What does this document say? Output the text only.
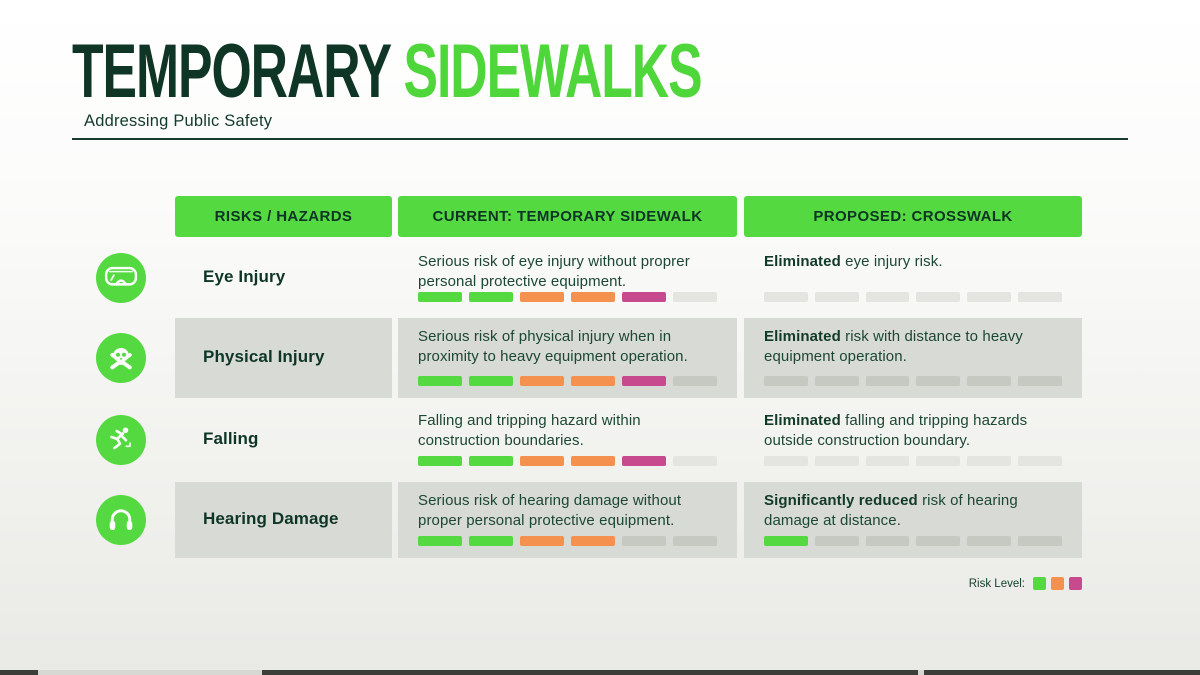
TEMPORARY SIDEWALKS
Addressing Public Safety
RISKS / HAZARDS	CURRENT: TEMPORARY SIDEWALK	PROPOSED: CROSSWALK
Eye Injury

Serious risk of eye injury without proprer personal protective equipment.

Eliminated eye injury risk.

Physical Injury

Serious risk of physical injury when in proximity to heavy equipment operation.

Eliminated risk with distance to heavy equipment operation.

Falling

Falling and tripping hazard within construction boundaries.

Eliminated falling and tripping hazards outside construction boundary.

Hearing Damage

Serious risk of hearing damage without proper personal protective equipment.

Significantly reduced risk of hearing damage at distance.

Risk Level:
